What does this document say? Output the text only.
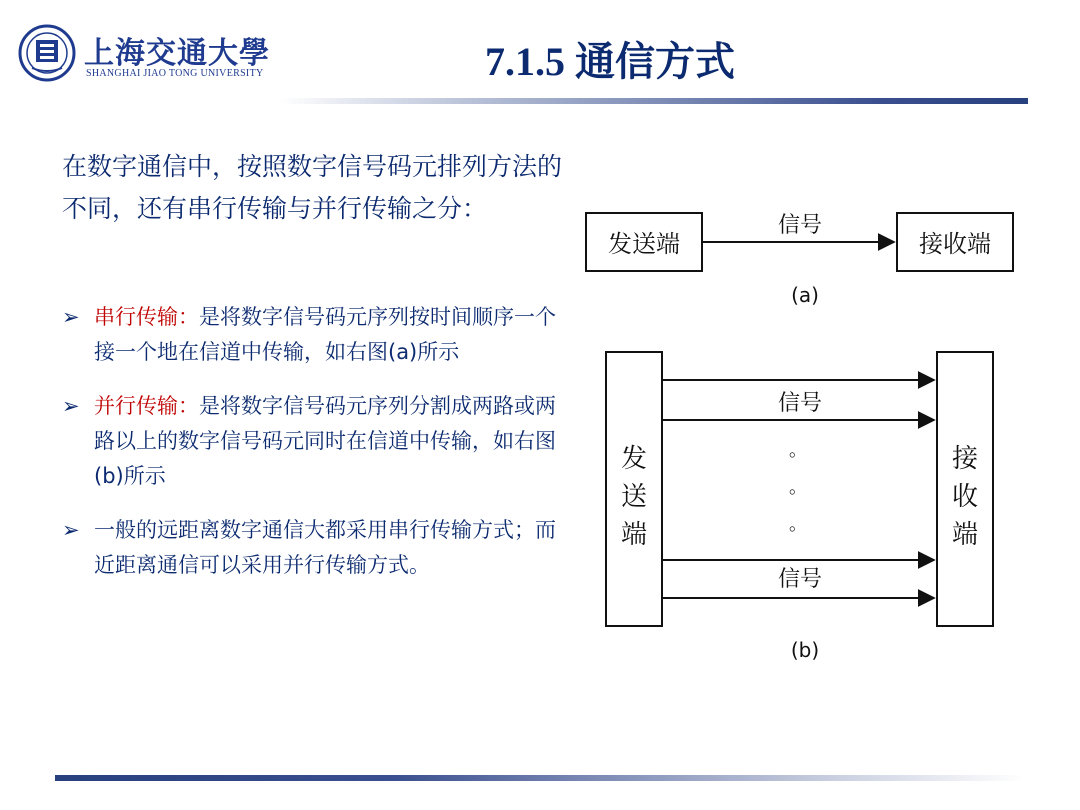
上海交通大學
SHANGHAI JIAO TONG UNIVERSITY	7.1.5 通信方式
在数字通信中，按照数字信号码元排列方法的不同，还有串行传输与并行传输之分：
➢ 串行传输：是将数字信号码元序列按时间顺序一个接一个地在信道中传输，如右图(a)所示
➢ 并行传输：是将数字信号码元序列分割成两路或两路以上的数字信号码元同时在信道中传输，如右图(b)所示
➢ 一般的远距离数字通信大都采用串行传输方式；而近距离通信可以采用并行传输方式。
发送端
信号
接收端
(a)
发
送
端
接
收
端
信号
。
。
。
信号
(b)
